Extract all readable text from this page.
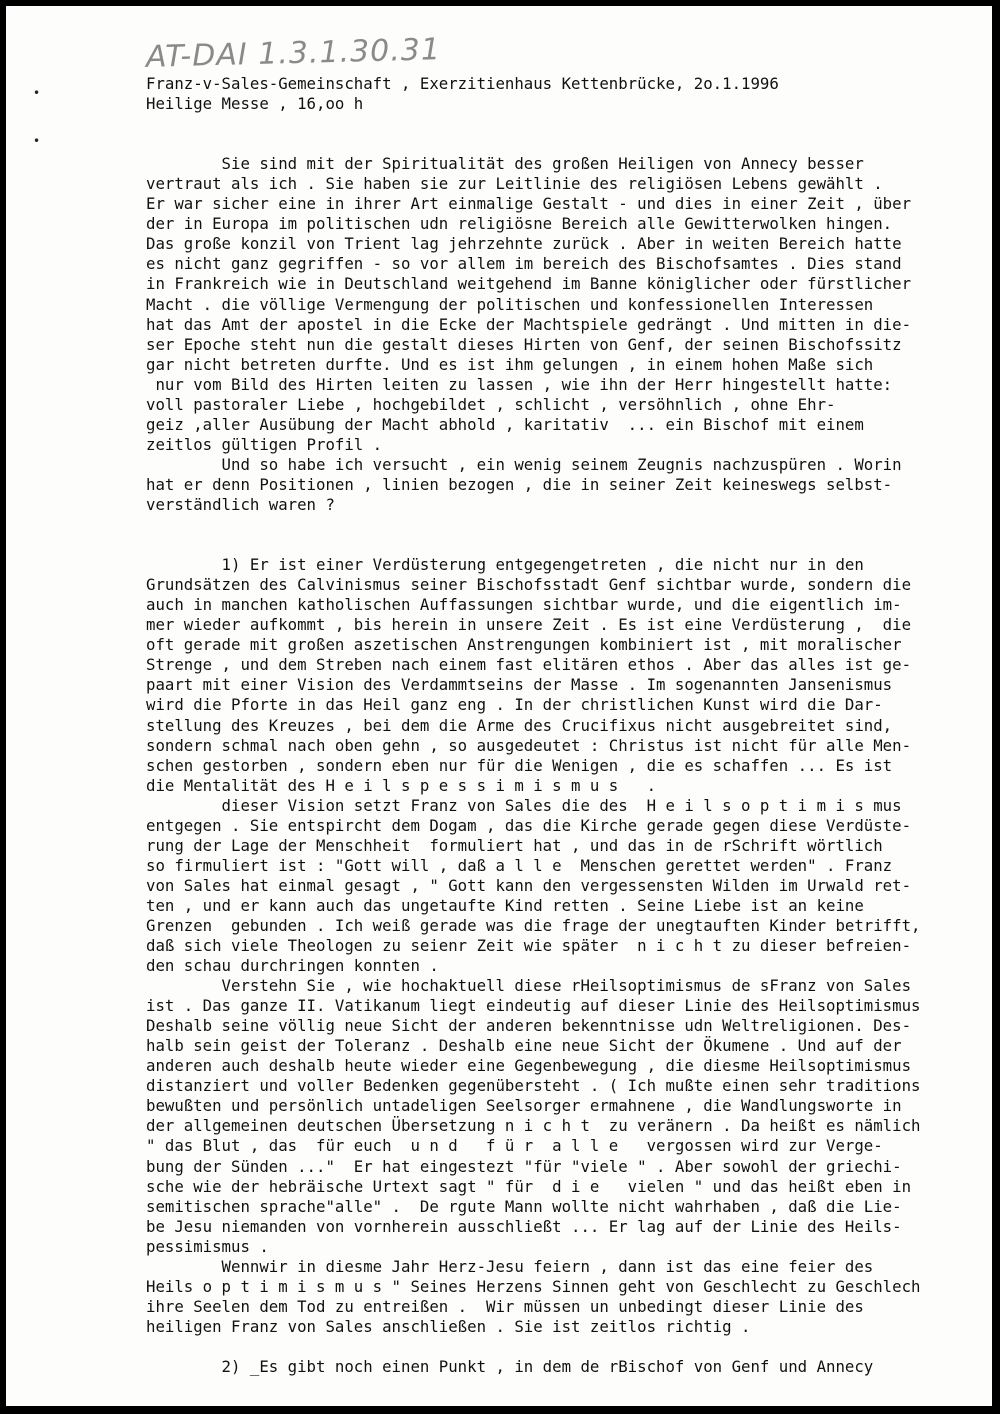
AT-DAI 1.3.1.30.31
•
•
Franz-v-Sales-Gemeinschaft , Exerzitienhaus Kettenbrücke, 2o.1.1996
Heilige Messe , 16,oo h
Sie sind mit der Spiritualität des großen Heiligen von Annecy besser
vertraut als ich . Sie haben sie zur Leitlinie des religiösen Lebens gewählt .
Er war sicher eine in ihrer Art einmalige Gestalt - und dies in einer Zeit , über
der in Europa im politischen udn religiösne Bereich alle Gewitterwolken hingen.
Das große konzil von Trient lag jehrzehnte zurück . Aber in weiten Bereich hatte
es nicht ganz gegriffen - so vor allem im bereich des Bischofsamtes . Dies stand
in Frankreich wie in Deutschland weitgehend im Banne königlicher oder fürstlicher
Macht . die völlige Vermengung der politischen und konfessionellen Interessen
hat das Amt der apostel in die Ecke der Machtspiele gedrängt . Und mitten in die-
ser Epoche steht nun die gestalt dieses Hirten von Genf, der seinen Bischofssitz
gar nicht betreten durfte. Und es ist ihm gelungen , in einem hohen Maße sich
nur vom Bild des Hirten leiten zu lassen , wie ihn der Herr hingestellt hatte:
voll pastoraler Liebe , hochgebildet , schlicht , versöhnlich , ohne Ehr-
geiz ,aller Ausübung der Macht abhold , karitativ  ... ein Bischof mit einem
zeitlos gültigen Profil .
Und so habe ich versucht , ein wenig seinem Zeugnis nachzuspüren . Worin
hat er denn Positionen , linien bezogen , die in seiner Zeit keineswegs selbst-
verständlich waren ?
1) Er ist einer Verdüsterung entgegengetreten , die nicht nur in den
Grundsätzen des Calvinismus seiner Bischofsstadt Genf sichtbar wurde, sondern die
auch in manchen katholischen Auffassungen sichtbar wurde, und die eigentlich im-
mer wieder aufkommt , bis herein in unsere Zeit . Es ist eine Verdüsterung ,  die
oft gerade mit großen aszetischen Anstrengungen kombiniert ist , mit moralischer
Strenge , und dem Streben nach einem fast elitären ethos . Aber das alles ist ge-
paart mit einer Vision des Verdammtseins der Masse . Im sogenannten Jansenismus
wird die Pforte in das Heil ganz eng . In der christlichen Kunst wird die Dar-
stellung des Kreuzes , bei dem die Arme des Crucifixus nicht ausgebreitet sind,
sondern schmal nach oben gehn , so ausgedeutet : Christus ist nicht für alle Men-
schen gestorben , sondern eben nur für die Wenigen , die es schaffen ... Es ist
die Mentalität des H e i l s p e s s i m i s m u s   .
dieser Vision setzt Franz von Sales die des  H e i l s o p t i m i s mus
entgegen . Sie entspircht dem Dogam , das die Kirche gerade gegen diese Verdüste-
rung der Lage der Menschheit  formuliert hat , und das in de rSchrift wörtlich
so firmuliert ist : "Gott will , daß a l l e  Menschen gerettet werden" . Franz
von Sales hat einmal gesagt , " Gott kann den vergessensten Wilden im Urwald ret-
ten , und er kann auch das ungetaufte Kind retten . Seine Liebe ist an keine
Grenzen  gebunden . Ich weiß gerade was die frage der unegtauften Kinder betrifft,
daß sich viele Theologen zu seienr Zeit wie später  n i c h t zu dieser befreien-
den schau durchringen konnten .
Verstehn Sie , wie hochaktuell diese rHeilsoptimismus de sFranz von Sales
ist . Das ganze II. Vatikanum liegt eindeutig auf dieser Linie des Heilsoptimismus
Deshalb seine völlig neue Sicht der anderen bekenntnisse udn Weltreligionen. Des-
halb sein geist der Toleranz . Deshalb eine neue Sicht der Ökumene . Und auf der
anderen auch deshalb heute wieder eine Gegenbewegung , die diesme Heilsoptimismus
distanziert und voller Bedenken gegenübersteht . ( Ich mußte einen sehr traditions
bewußten und persönlich untadeligen Seelsorger ermahnene , die Wandlungsworte in
der allgemeinen deutschen Übersetzung n i c h t  zu veränern . Da heißt es nämlich
" das Blut , das  für euch  u n d   f ü r  a l l e   vergossen wird zur Verge-
bung der Sünden ..."  Er hat eingestezt "für "viele " . Aber sowohl der griechi-
sche wie der hebräische Urtext sagt " für  d i e   vielen " und das heißt eben in
semitischen sprache"alle" .  De rgute Mann wollte nicht wahrhaben , daß die Lie-
be Jesu niemanden von vornherein ausschließt ... Er lag auf der Linie des Heils-
pessimismus .
Wennwir in diesme Jahr Herz-Jesu feiern , dann ist das eine feier des
Heils o p t i m i s m u s " Seines Herzens Sinnen geht von Geschlecht zu Geschlech
ihre Seelen dem Tod zu entreißen .  Wir müssen un unbedingt dieser Linie des
heiligen Franz von Sales anschließen . Sie ist zeitlos richtig .
2) _Es gibt noch einen Punkt , in dem de rBischof von Genf und Annecy
